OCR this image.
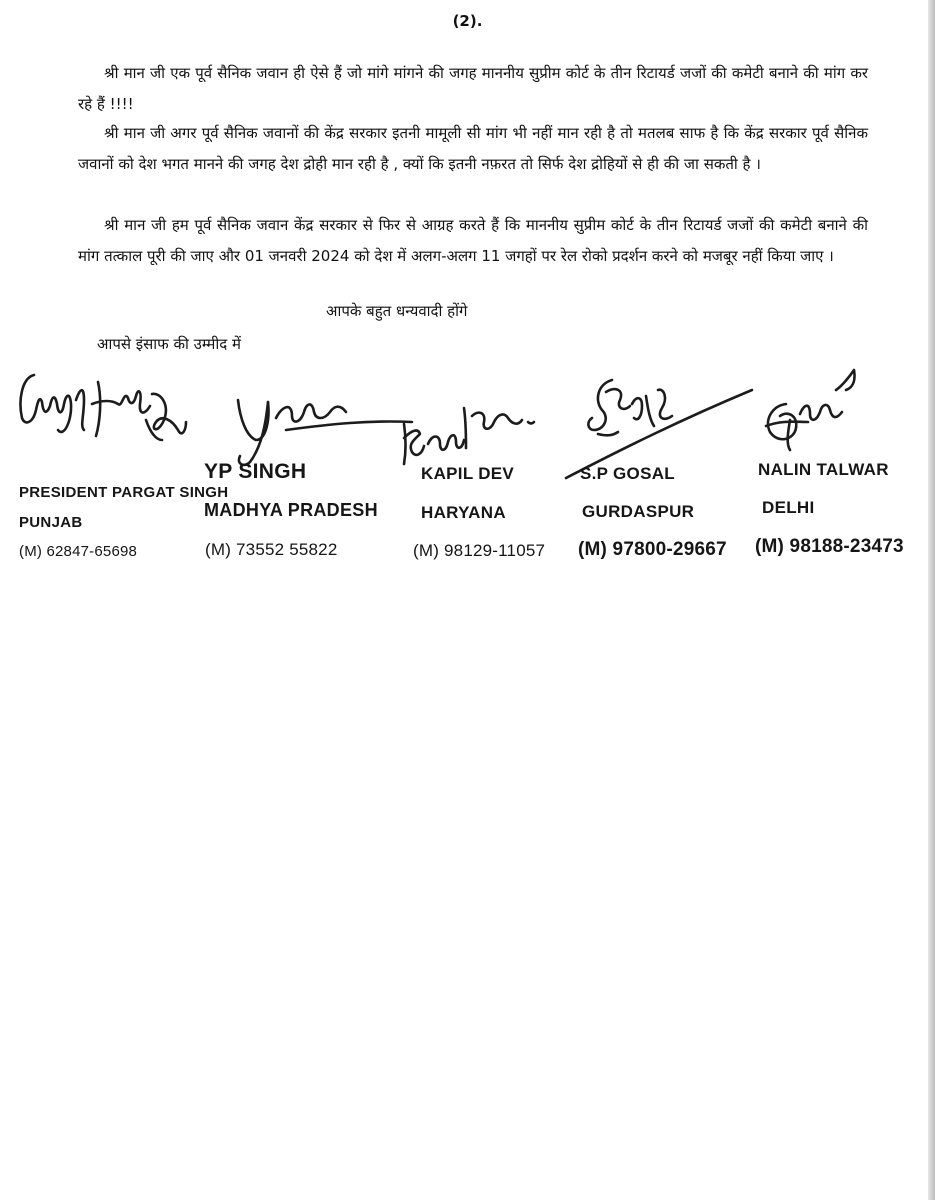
(2).
श्री मान जी एक पूर्व सैनिक जवान ही ऐसे हैं जो मांगे मांगने की जगह माननीय सुप्रीम कोर्ट के तीन रिटायर्ड जजों की कमेटी बनाने की मांग कर रहे हैं !!!!
श्री मान जी अगर पूर्व सैनिक जवानों की केंद्र सरकार इतनी मामूली सी मांग भी नहीं मान रही है तो मतलब साफ है कि केंद्र सरकार पूर्व सैनिक जवानों को देश भगत मानने की जगह देश द्रोही मान रही है , क्यों कि इतनी नफ़रत तो सिर्फ देश द्रोहियों से ही की जा सकती है ।
श्री मान जी हम पूर्व सैनिक जवान केंद्र सरकार से फिर से आग्रह करते हैं कि माननीय सुप्रीम कोर्ट के तीन रिटायर्ड जजों की कमेटी बनाने की मांग तत्काल पूरी की जाए और 01 जनवरी 2024 को देश में अलग-अलग 11 जगहों पर रेल रोको प्रदर्शन करने को मजबूर नहीं किया जाए ।
आपके बहुत धन्यवादी होंगे
आपसे इंसाफ की उम्मीद में
PRESIDENT PARGAT SINGH
PUNJAB
(M) 62847-65698
YP SINGH
MADHYA PRADESH
(M) 73552 55822
KAPIL DEV
HARYANA
(M) 98129-11057
S.P GOSAL
GURDASPUR
(M) 97800-29667
NALIN TALWAR
DELHI
(M) 98188-23473
